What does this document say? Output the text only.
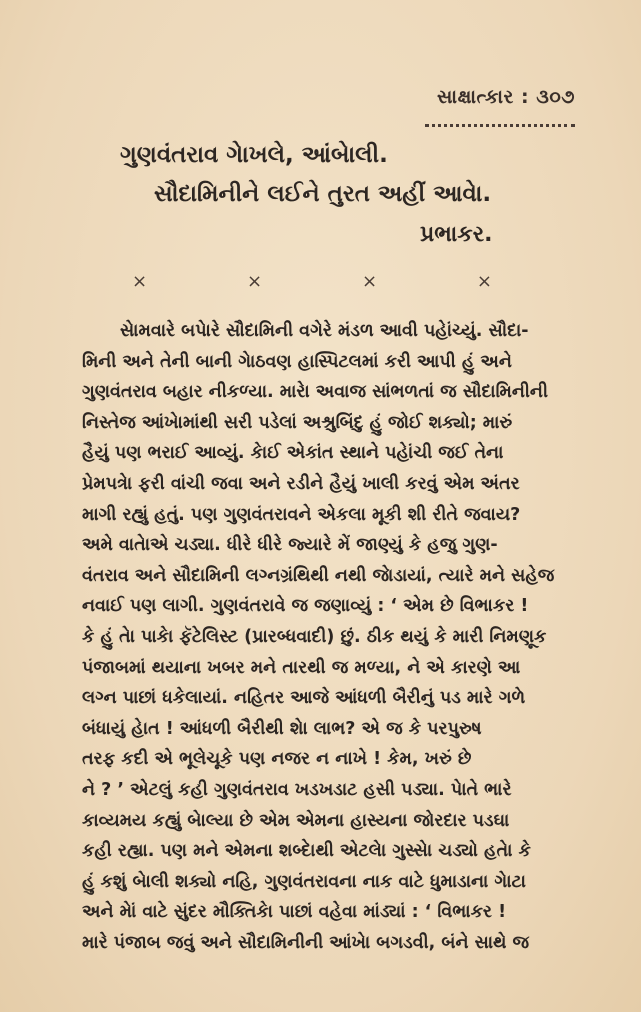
સાક્ષાત્કાર : ૩૦૭
ગુણવંતરાવ ગેાખલે, આંબેાલી.
સૌદામિનીને લઈને તુરત અહીં આવેા.
પ્રભાકર.
×	×	×	×

સેામવારે બપેારે સૌદામિની વગેરે મંડળ આવી પહેાંચ્યું. સૌદા-

મિની અને તેની બાની ગેાઠવણ હાસ્પિટલમાં કરી આપી હું અને

ગુણવંતરાવ બહાર નીકળ્યા. મારેા અવાજ સાંભળતાં જ સૌદામિનીની

નિસ્તેજ આંખેામાંથી સરી પડેલાં અશ્રુબિંદુ હું જોઈ શક્યો; મારું

હૈયું પણ ભરાઈ આવ્યું. કેાઈ એકાંત સ્થાને પહેાંચી જઈ તેના

પ્રેમપત્રેા ફરી વાંચી જવા અને રડીને હૈયું ખાલી કરવું એમ અંતર

માગી રહ્યું હતું. પણ ગુણવંતરાવને એકલા મૂકી શી રીતે જવાય?

અમે વાતેાએ ચડ્યા. ધીરે ધીરે જ્યારે મેં જાણ્યું કે હજુ ગુણ-

વંતરાવ અને સૌદામિની લગ્નગ્રંથિથી નથી જેાડાયાં, ત્યારે મને સહેજ

નવાઈ પણ લાગી. ગુણવંતરાવે જ જણાવ્યું : ‘ એમ છે વિભાકર !

કે હું તેા પાકેા ફૅટેલિસ્ટ (પ્રારબ્ધવાદી) છું. ઠીક થયું કે મારી નિમણૂક

પંજાબમાં થયાના ખબર મને તારથી જ મળ્યા, ને એ કારણે આ

લગ્ન પાછાં ધકેલાયાં. નહિતર આજે આંધળી બૈરીનું પડ મારે ગળે

બંધાયું હેાત ! આંધળી બૈરીથી શેા લાભ? એ જ કે પરપુરુષ

તરફ કદી એ ભૂલેચૂકે પણ નજર ન નાખે ! કેમ, ખરું છે

ને ? ’ એટલું કહી ગુણવંતરાવ ખડખડાટ હસી પડ્યા. પેાતે ભારે

કાવ્યમય કહ્યું બેાલ્યા છે એમ એમના હાસ્યના જોરદાર પડઘા

કહી રહ્યા. પણ મને એમના શબ્દેાથી એટલેા ગુસ્સેા ચડ્યો હતેા કે

હું કશું બેાલી શક્યો નહિ, ગુણવંતરાવના નાક વાટે ધુમાડાના ગેાટા

અને મેાં વાટે સુંદર મૌક્તિકેા પાછાં વહેવા માંડ્યાં : ‘ વિભાકર !

મારે પંજાબ જવું અને સૌદામિનીની આંખેા બગડવી, બંને સાથે જ
